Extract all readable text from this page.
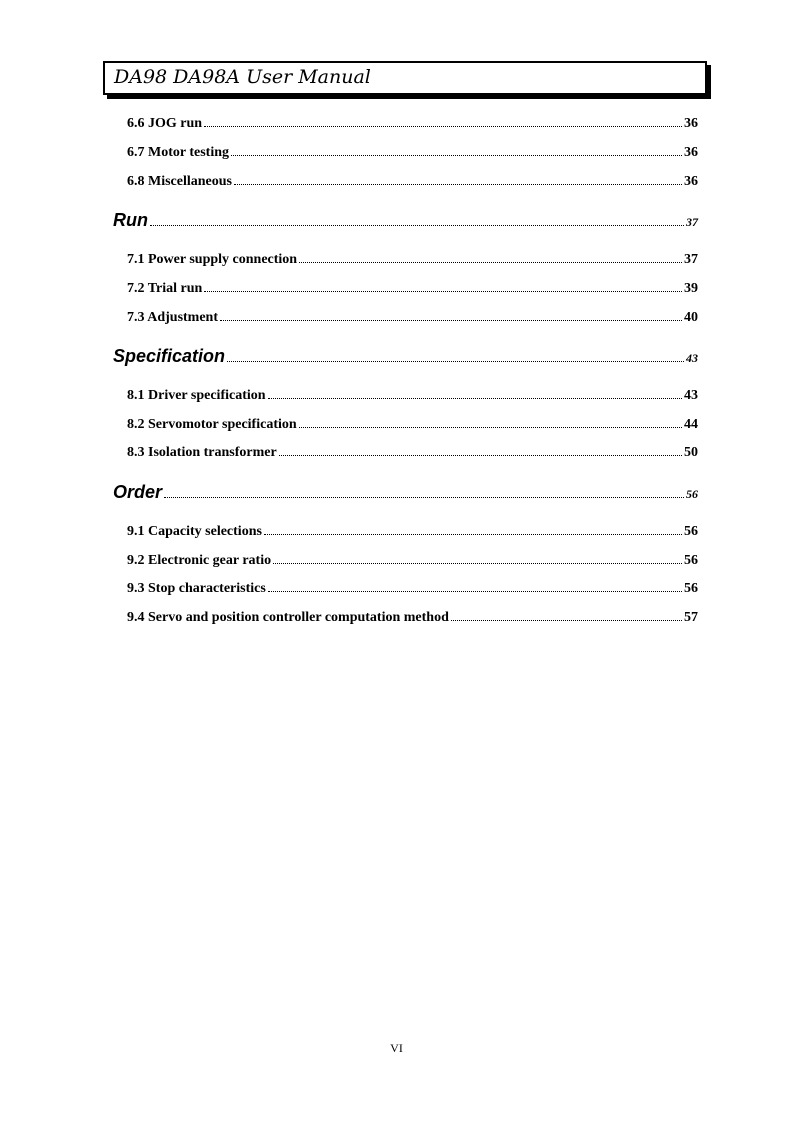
DA98 DA98A User Manual
6.6 JOG run	36
6.7 Motor testing	36
6.8 Miscellaneous	36
Run	37
7.1 Power supply connection	37
7.2 Trial run	39
7.3 Adjustment	40
Specification	43
8.1 Driver specification	43
8.2 Servomotor specification	44
8.3 Isolation transformer	50
Order	56
9.1 Capacity selections	56
9.2 Electronic gear ratio	56
9.3 Stop characteristics	56
9.4 Servo and position controller computation method	57
VI
